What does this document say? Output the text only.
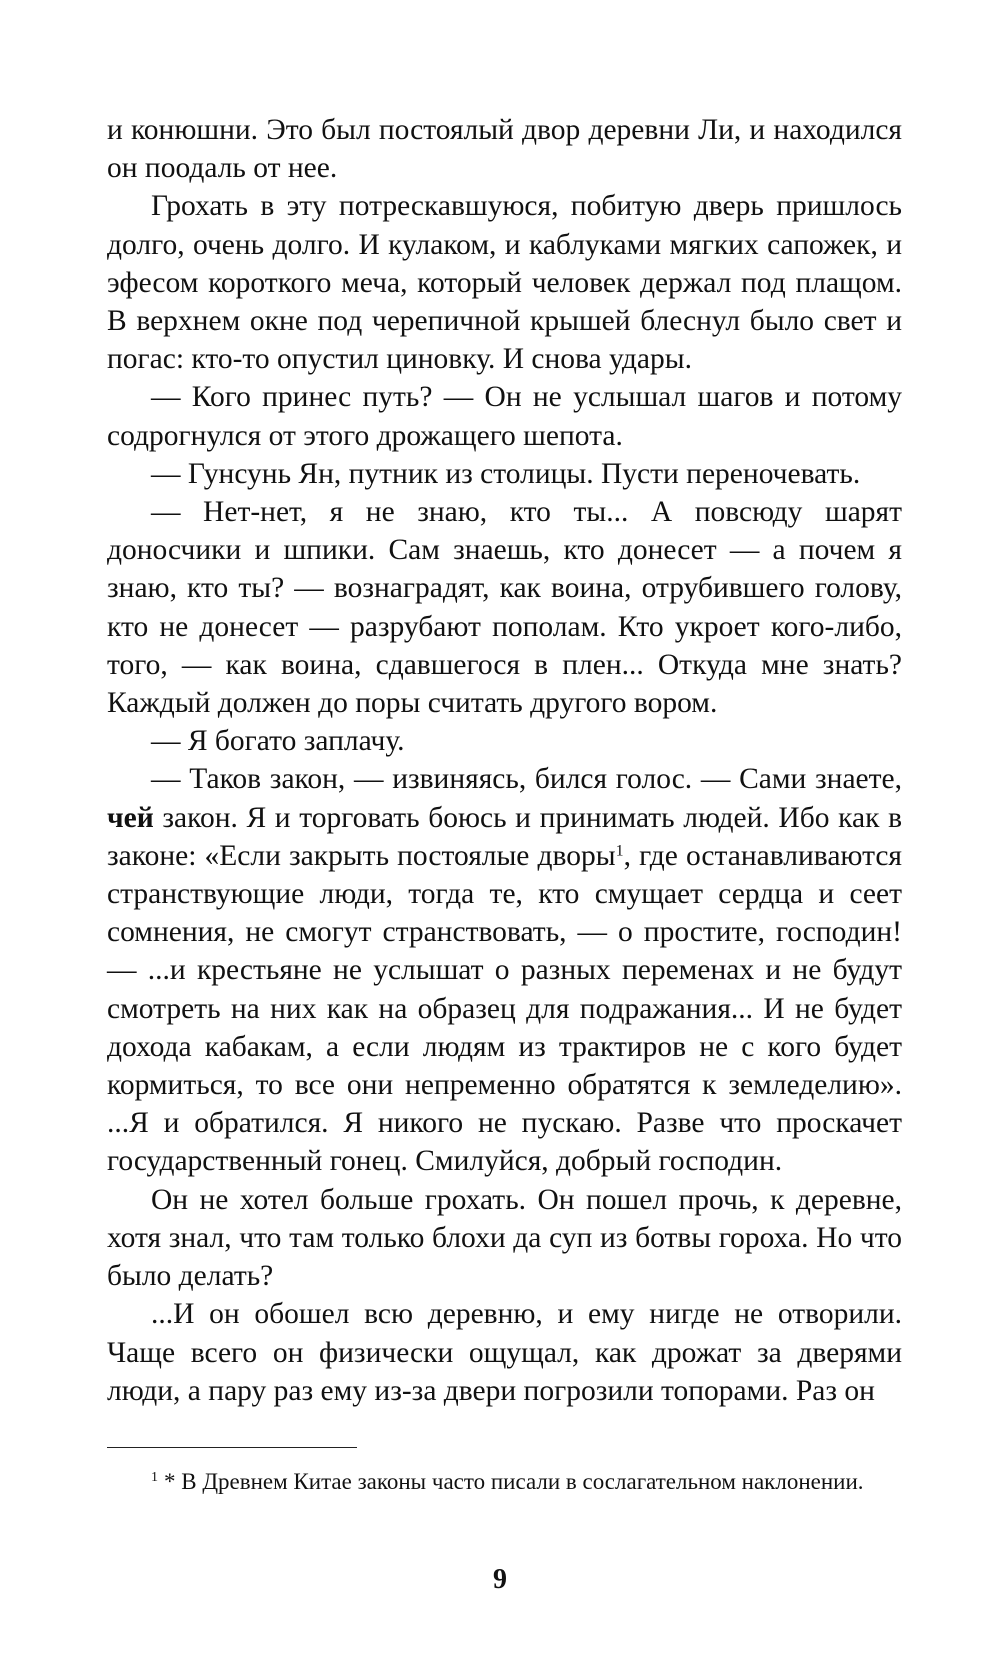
и конюшни. Это был постоялый двор деревни Ли, и находился он поодаль от нее.

Грохать в эту потрескавшуюся, побитую дверь пришлось долго, очень долго. И кулаком, и каблуками мягких сапожек, и эфесом короткого меча, который человек держал под плащом. В верхнем окне под черепичной крышей блеснул было свет и погас: кто-то опустил циновку. И снова удары.

— Кого принес путь? — Он не услышал шагов и потому содрогнулся от этого дрожащего шепота.

— Гунсунь Ян, путник из столицы. Пусти переночевать.

— Нет-нет, я не знаю, кто ты... А повсюду шарят доносчики и шпики. Сам знаешь, кто донесет — а почем я знаю, кто ты? — вознаградят, как воина, отрубившего голову, кто не донесет — разрубают пополам. Кто укроет кого-либо, того, — как воина, сдавшегося в плен... Откуда мне знать? Каждый должен до поры считать другого вором.

— Я богато заплачу.

— Таков закон, — извиняясь, бился голос. — Сами знаете, чей закон. Я и торговать боюсь и принимать людей. Ибо как в законе: «Если закрыть постоялые дворы$^1$, где останавливаются странствующие люди, тогда те, кто смущает сердца и сеет сомнения, не смогут странствовать, — о простите, господин! — ...и крестьяне не услышат о разных переменах и не будут смотреть на них как на образец для подражания... И не будет дохода кабакам, а если людям из трактиров не с кого будет кормиться, то все они непременно обратятся к земледелию». ...Я и обратился. Я никого не пускаю. Разве что проскачет государственный гонец. Смилуйся, добрый господин.

Он не хотел больше грохать. Он пошел прочь, к деревне, хотя знал, что там только блохи да суп из ботвы гороха. Но что было делать?

...И он обошел всю деревню, и ему нигде не отворили. Чаще всего он физически ощущал, как дрожат за дверями люди, а пару раз ему из-за двери погрозили топорами. Раз он

$^1$ * В Древнем Китае законы часто писали в сослагательном наклонении.
9
